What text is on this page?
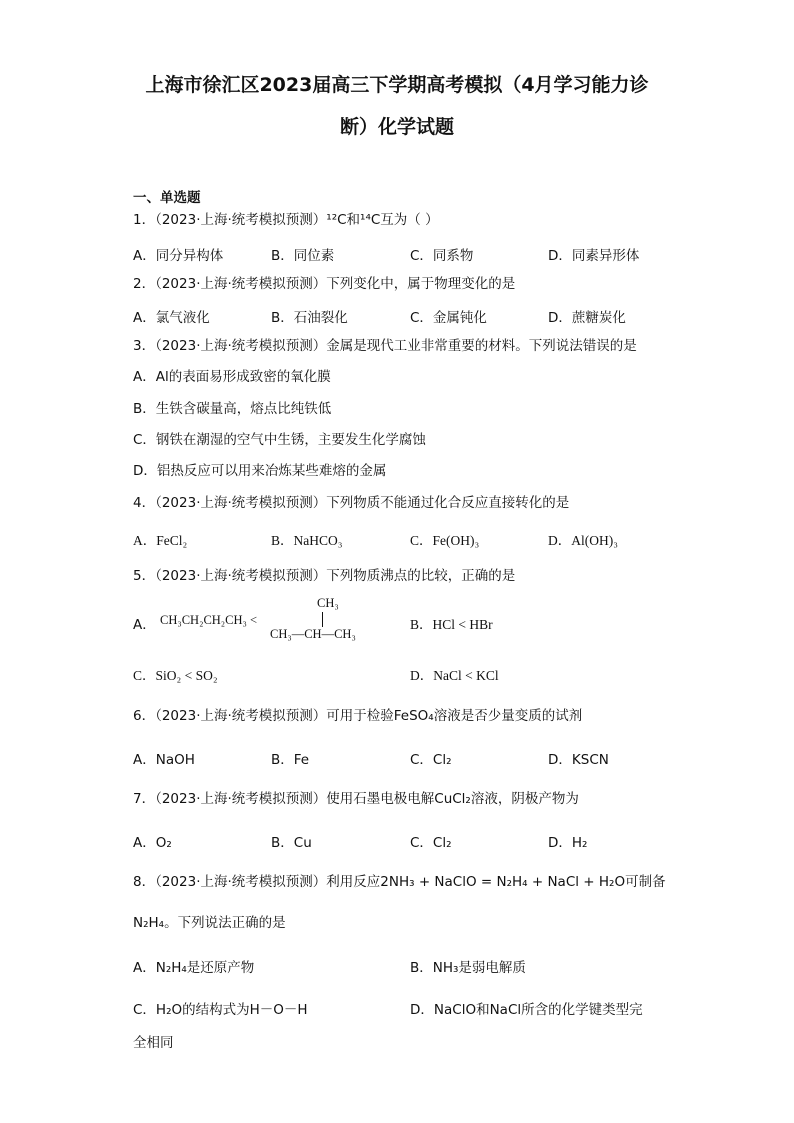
上海市徐汇区2023届高三下学期高考模拟（4月学习能力诊
断）化学试题
一、单选题
1．（2023·上海·统考模拟预测）¹²C和¹⁴C互为（ ）
A．同分异构体	B．同位素	C．同系物	D．同素异形体
2．（2023·上海·统考模拟预测）下列变化中，属于物理变化的是
A．氯气液化	B．石油裂化	C．金属钝化	D．蔗糖炭化
3．（2023·上海·统考模拟预测）金属是现代工业非常重要的材料。下列说法错误的是
A．Al的表面易形成致密的氧化膜
B．生铁含碳量高，熔点比纯铁低
C．钢铁在潮湿的空气中生锈，主要发生化学腐蚀
D．铝热反应可以用来冶炼某些难熔的金属
4．（2023·上海·统考模拟预测）下列物质不能通过化合反应直接转化的是
A．FeCl₂	B．NaHCO₃	C．Fe(OH)₃	D．Al(OH)₃
5．（2023·上海·统考模拟预测）下列物质沸点的比较，正确的是
A． CH₃CH₂CH₂CH₃ <
CH₃
CH₃—CH—CH₃
B．HCl < HBr
C．SiO₂ < SO₂	D．NaCl < KCl
6．（2023·上海·统考模拟预测）可用于检验FeSO₄溶液是否少量变质的试剂
A．NaOH	B．Fe	C．Cl₂	D．KSCN
7．（2023·上海·统考模拟预测）使用石墨电极电解CuCl₂溶液，阴极产物为
A．O₂	B．Cu	C．Cl₂	D．H₂
8．（2023·上海·统考模拟预测）利用反应2NH₃ + NaClO = N₂H₄ + NaCl + H₂O可制备
N₂H₄。下列说法正确的是
A．N₂H₄是还原产物	B．NH₃是弱电解质
C．H₂O的结构式为H－O－H	D．NaClO和NaCl所含的化学键类型完
全相同
